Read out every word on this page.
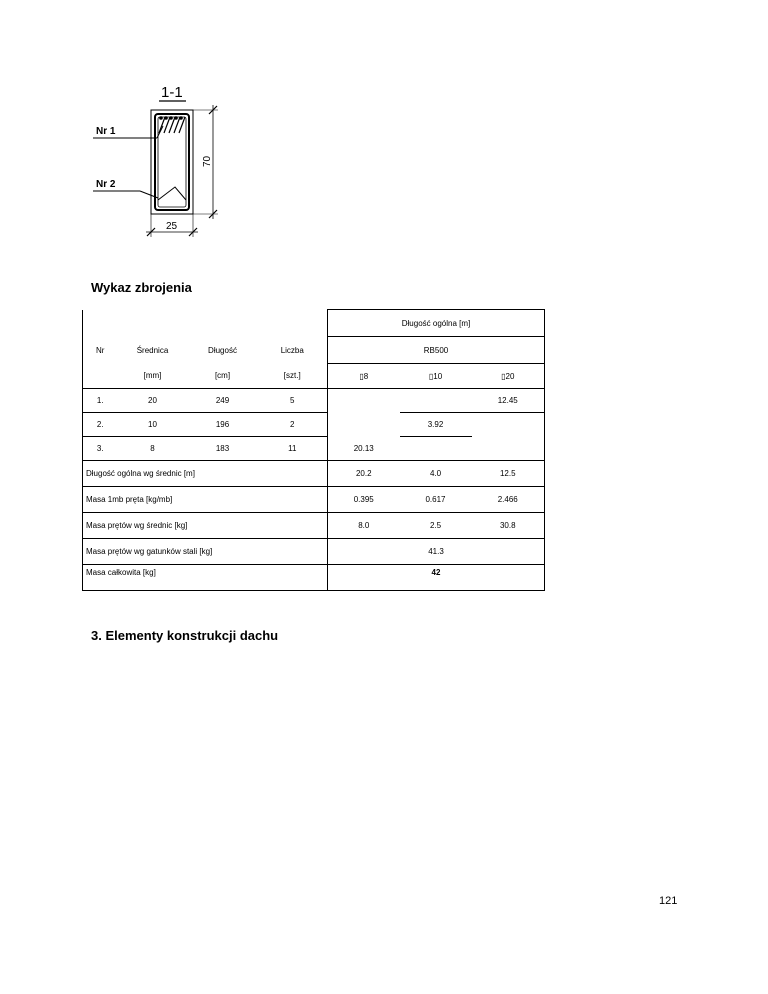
1-1
Nr 1
Nr 2
70
25
Wykaz zbrojenia
				Długość ogólna [m]		
Nr	Średnica	Długość	Liczba	RB500		
	[mm]	[cm]	[szt.]	▯8	▯10	▯20
1.	20	249	5			12.45
2.	10	196	2		3.92	
3.	8	183	11	20.13		
Długość ogólna wg średnic [m]				20.2	4.0	12.5
Masa 1mb pręta [kg/mb]				0.395	0.617	2.466
Masa prętów wg średnic [kg]				8.0	2.5	30.8
Masa prętów wg gatunków stali [kg]				41.3		
Masa całkowita [kg]				42		
3. Elementy konstrukcji dachu
121
